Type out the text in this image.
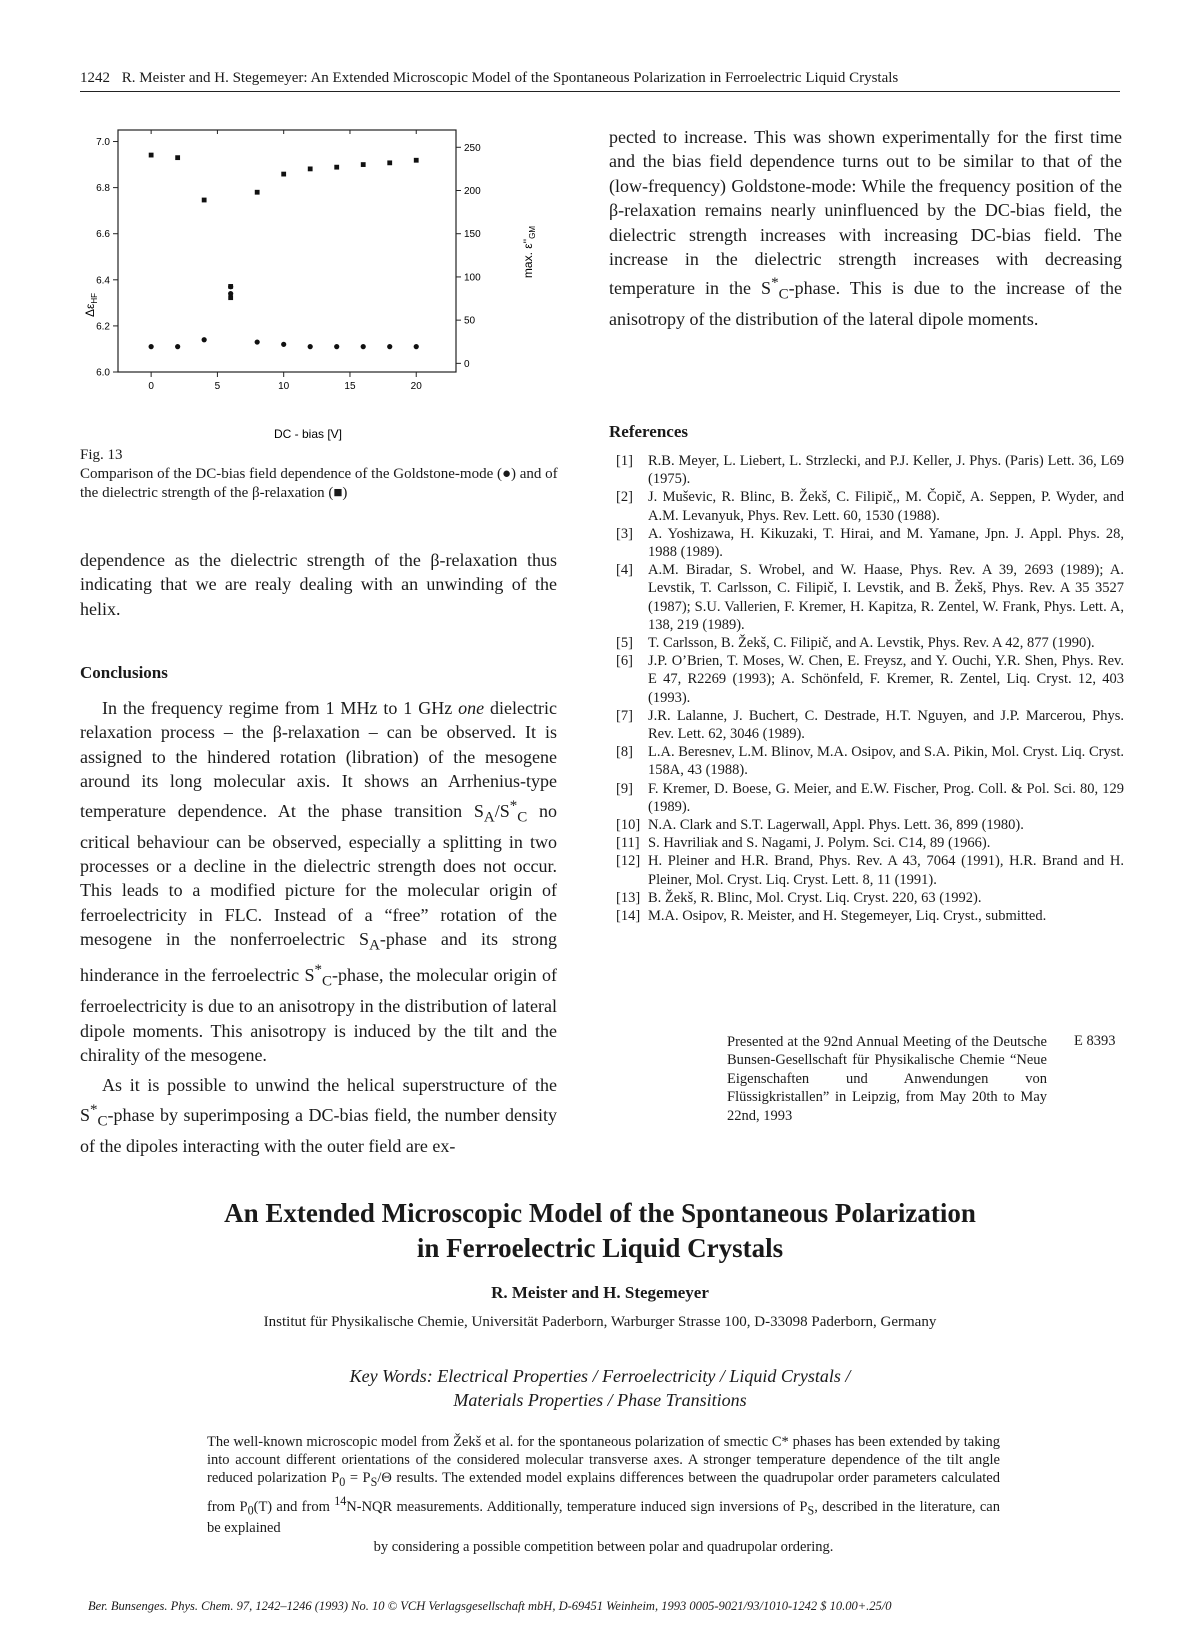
1242 R. Meister and H. Stegemeyer: An Extended Microscopic Model of the Spontaneous Polarization in Ferroelectric Liquid Crystals
0	5	10	15	20
6.0
6.2
6.4
6.6
6.8
7.0
0
50
100
150
200
250
$\Delta\varepsilon_{HF}$
max. $\varepsilon''_{GM}$
DC - bias [V]
Fig. 13
Comparison of the DC-bias field dependence of the Goldstone-mode (●) and of the dielectric strength of the β-relaxation (■)

dependence as the dielectric strength of the β-relaxation thus indicating that we are realy dealing with an unwinding of the helix.

Conclusions

In the frequency regime from 1 MHz to 1 GHz one dielectric relaxation process – the β-relaxation – can be observed. It is assigned to the hindered rotation (libration) of the mesogene around its long molecular axis. It shows an Arrhenius-type temperature dependence. At the phase transition $S_A/S^*_C$ no critical behaviour can be observed, especially a splitting in two processes or a decline in the dielectric strength does not occur. This leads to a modified picture for the molecular origin of ferroelectricity in FLC. Instead of a “free” rotation of the mesogene in the nonferroelectric $S_A$-phase and its strong hinderance in the ferroelectric $S^*_C$-phase, the molecular origin of ferroelectricity is due to an anisotropy in the distribution of lateral dipole moments. This anisotropy is induced by the tilt and the chirality of the mesogene.

As it is possible to unwind the helical superstructure of the $S^*_C$-phase by superimposing a DC-bias field, the number density of the dipoles interacting with the outer field are ex-

pected to increase. This was shown experimentally for the first time and the bias field dependence turns out to be similar to that of the (low-frequency) Goldstone-mode: While the frequency position of the β-relaxation remains nearly uninfluenced by the DC-bias field, the dielectric strength increases with increasing DC-bias field. The increase in the dielectric strength increases with decreasing temperature in the $S^*_C$-phase. This is due to the increase of the anisotropy of the distribution of the lateral dipole moments.

References
[1]	R.B. Meyer, L. Liebert, L. Strzlecki, and P.J. Keller, J. Phys. (Paris) Lett. 36, L69 (1975).
[2]	J. Muševic, R. Blinc, B. Žekš, C. Filipič,, M. Čopič, A. Seppen, P. Wyder, and A.M. Levanyuk, Phys. Rev. Lett. 60, 1530 (1988).
[3]	A. Yoshizawa, H. Kikuzaki, T. Hirai, and M. Yamane, Jpn. J. Appl. Phys. 28, 1988 (1989).
[4]	A.M. Biradar, S. Wrobel, and W. Haase, Phys. Rev. A 39, 2693 (1989); A. Levstik, T. Carlsson, C. Filipič, I. Levstik, and B. Žekš, Phys. Rev. A 35 3527 (1987); S.U. Vallerien, F. Kremer, H. Kapitza, R. Zentel, W. Frank, Phys. Lett. A, 138, 219 (1989).
[5]	T. Carlsson, B. Žekš, C. Filipič, and A. Levstik, Phys. Rev. A 42, 877 (1990).
[6]	J.P. O’Brien, T. Moses, W. Chen, E. Freysz, and Y. Ouchi, Y.R. Shen, Phys. Rev. E 47, R2269 (1993); A. Schönfeld, F. Kremer, R. Zentel, Liq. Cryst. 12, 403 (1993).
[7]	J.R. Lalanne, J. Buchert, C. Destrade, H.T. Nguyen, and J.P. Marcerou, Phys. Rev. Lett. 62, 3046 (1989).
[8]	L.A. Beresnev, L.M. Blinov, M.A. Osipov, and S.A. Pikin, Mol. Cryst. Liq. Cryst. 158A, 43 (1988).
[9]	F. Kremer, D. Boese, G. Meier, and E.W. Fischer, Prog. Coll. & Pol. Sci. 80, 129 (1989).
[10] N.A. Clark and S.T. Lagerwall, Appl. Phys. Lett. 36, 899 (1980).
[11] S. Havriliak and S. Nagami, J. Polym. Sci. C14, 89 (1966).
[12] H. Pleiner and H.R. Brand, Phys. Rev. A 43, 7064 (1991), H.R. Brand and H. Pleiner, Mol. Cryst. Liq. Cryst. Lett. 8, 11 (1991).
[13] B. Žekš, R. Blinc, Mol. Cryst. Liq. Cryst. 220, 63 (1992).
[14] M.A. Osipov, R. Meister, and H. Stegemeyer, Liq. Cryst., submitted.
Presented at the 92nd Annual Meeting of the Deutsche Bunsen-Gesellschaft für Physikalische Chemie “Neue Eigenschaften und Anwendungen von Flüssigkristallen” in Leipzig, from May 20th to May 22nd, 1993
E 8393
An Extended Microscopic Model of the Spontaneous Polarization
in Ferroelectric Liquid Crystals
R. Meister and H. Stegemeyer
Institut für Physikalische Chemie, Universität Paderborn, Warburger Strasse 100, D-33098 Paderborn, Germany
Key Words: Electrical Properties / Ferroelectricity / Liquid Crystals /
Materials Properties / Phase Transitions
The well-known microscopic model from Žekš et al. for the spontaneous polarization of smectic C* phases has been extended by taking into account different orientations of the considered molecular transverse axes. A stronger temperature dependence of the tilt angle reduced polarization $P_0 = P_S/\Theta$ results. The extended model explains differences between the quadrupolar order parameters calculated from $P_0(T)$ and from $^{14}$N-NQR measurements. Additionally, temperature induced sign inversions of $P_S$, described in the literature, can be explained
by considering a possible competition between polar and quadrupolar ordering.
Ber. Bunsenges. Phys. Chem. 97, 1242–1246 (1993) No. 10 © VCH Verlagsgesellschaft mbH, D-69451 Weinheim, 1993 0005-9021/93/1010-1242 $ 10.00+.25/0
